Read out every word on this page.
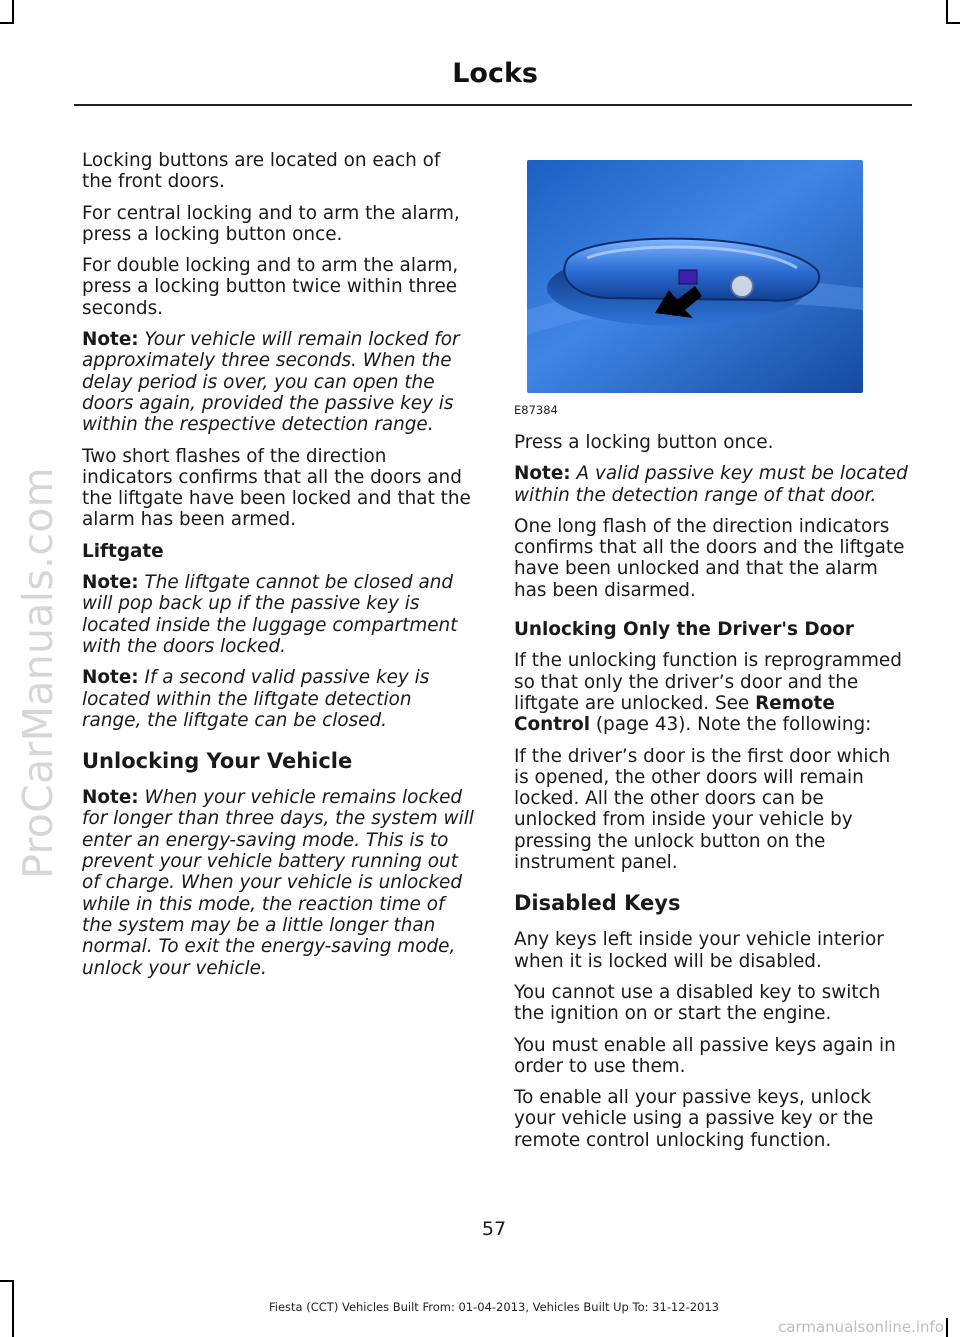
ProCarManuals.com
Locks

Locking buttons are located on each of the front doors.

For central locking and to arm the alarm, press a locking button once.

For double locking and to arm the alarm, press a locking button twice within three seconds.

Note: Your vehicle will remain locked for approximately three seconds. When the delay period is over, you can open the doors again, provided the passive key is within the respective detection range.

Two short flashes of the direction indicators confirms that all the doors and the liftgate have been locked and that the alarm has been armed.

Liftgate

Note: The liftgate cannot be closed and will pop back up if the passive key is located inside the luggage compartment with the doors locked.

Note: If a second valid passive key is located within the liftgate detection range, the liftgate can be closed.

Unlocking Your Vehicle

Note: When your vehicle remains locked for longer than three days, the system will enter an energy-saving mode. This is to prevent your vehicle battery running out of charge. When your vehicle is unlocked while in this mode, the reaction time of the system may be a little longer than normal. To exit the energy-saving mode, unlock your vehicle.

E87384

Press a locking button once.

Note: A valid passive key must be located within the detection range of that door.

One long flash of the direction indicators confirms that all the doors and the liftgate have been unlocked and that the alarm has been disarmed.

Unlocking Only the Driver's Door

If the unlocking function is reprogrammed so that only the driver’s door and the liftgate are unlocked. See Remote Control (page 43). Note the following:

If the driver’s door is the first door which is opened, the other doors will remain locked. All the other doors can be unlocked from inside your vehicle by pressing the unlock button on the instrument panel.

Disabled Keys

Any keys left inside your vehicle interior when it is locked will be disabled.

You cannot use a disabled key to switch the ignition on or start the engine.

You must enable all passive keys again in order to use them.

To enable all your passive keys, unlock your vehicle using a passive key or the remote control unlocking function.

57
Fiesta (CCT) Vehicles Built From: 01-04-2013, Vehicles Built Up To: 31-12-2013
carmanualsonline.info
